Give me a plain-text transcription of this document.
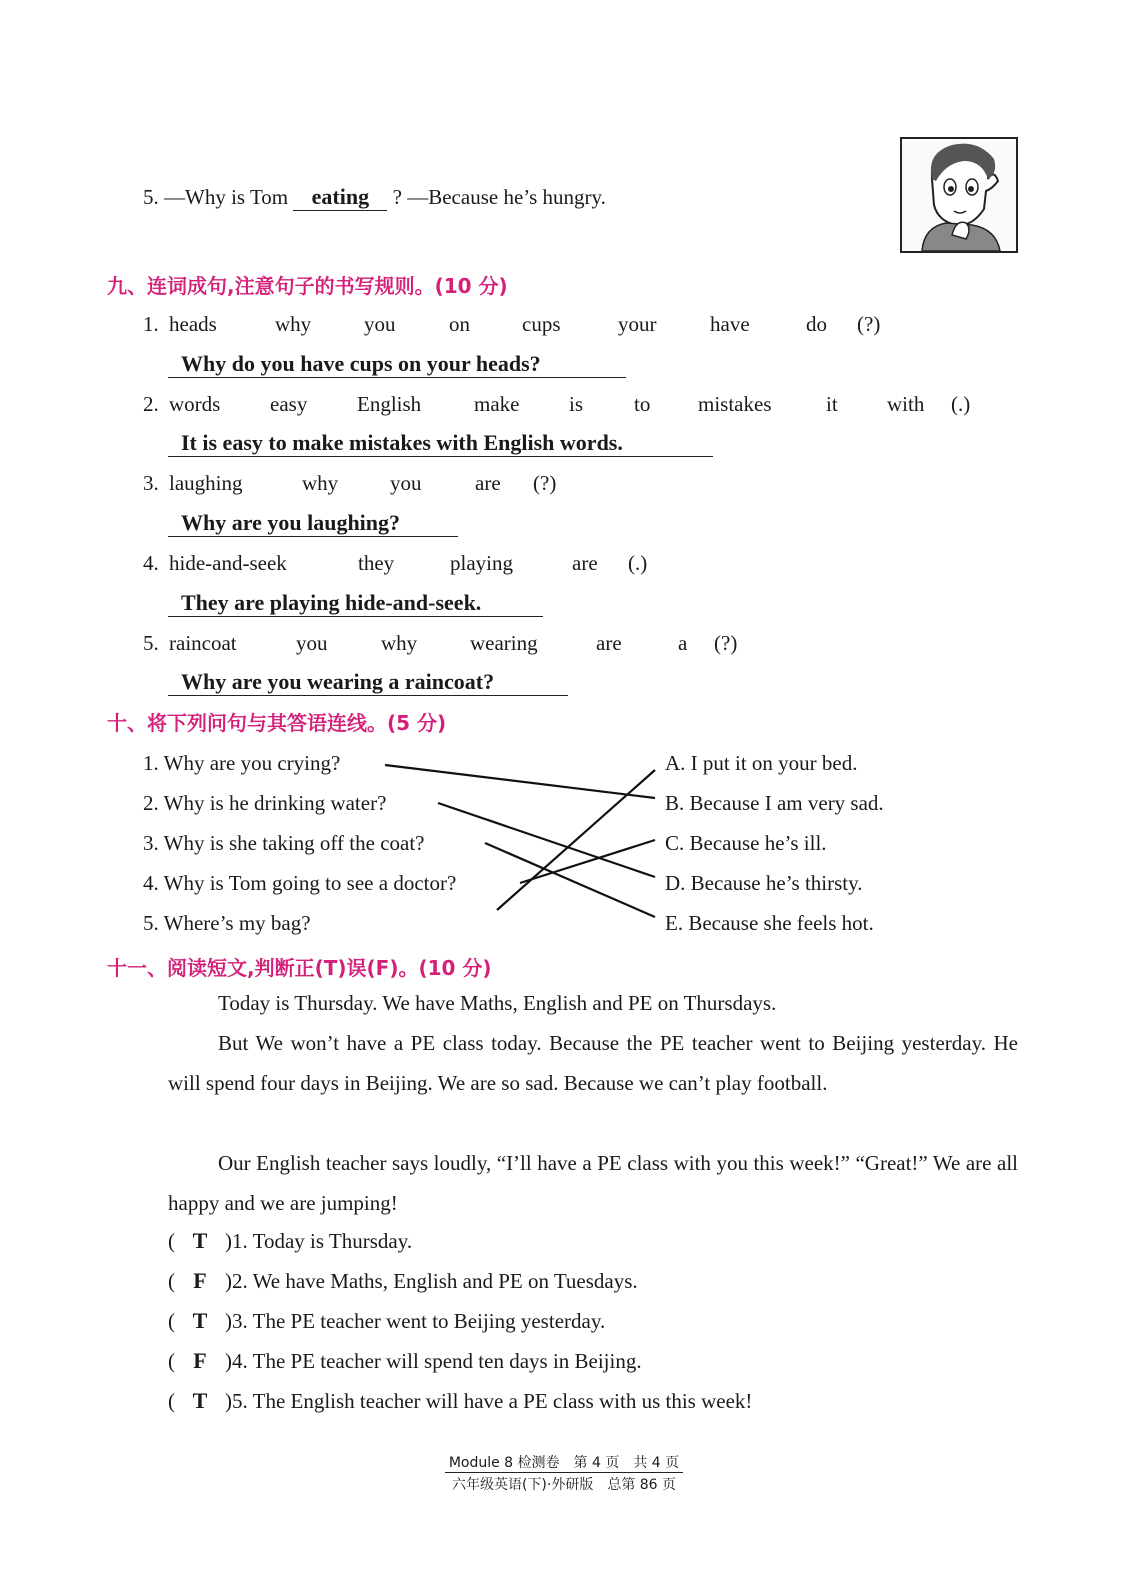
5. —Why is Tom eating ? —Because he’s hungry.
九、连词成句,注意句子的书写规则。(10 分)
1. heads	why	you	on cups	your	have	do (?)
Why do you have cups on your heads?
2. words easy English	make is to mistakes	it with (.)
It is easy to make mistakes with English words.
3. laughing	why you	are (?)
Why are you laughing?
4. hide-and-seek	they	playing	are (.)
They are playing hide-and-seek.
5. raincoat	you	why	wearing	are	a (?)
Why are you wearing a raincoat?
十、将下列问句与其答语连线。(5 分)
1. Why are you crying?
2. Why is he drinking water?
3. Why is she taking off the coat?
4. Why is Tom going to see a doctor?
5. Where’s my bag?
A. I put it on your bed.
B. Because I am very sad.
C. Because he’s ill.
D. Because he’s thirsty.
E. Because she feels hot.
十一、阅读短文,判断正(T)误(F)。(10 分)
Today is Thursday. We have Maths, English and PE on Thursdays.
But We won’t have a PE class today. Because the PE teacher went to Beijing yesterday. He will spend four days in Beijing. We are so sad. Because we can’t play football.
Our English teacher says loudly, “I’ll have a PE class with you this week!” “Great!” We are all happy and we are jumping!
( T )1. Today is Thursday.
( F )2. We have Maths, English and PE on Tuesdays.
( T )3. The PE teacher went to Beijing yesterday.
( F )4. The PE teacher will spend ten days in Beijing.
( T )5. The English teacher will have a PE class with us this week!
Module 8 检测卷　第 4 页　共 4 页
六年级英语(下)·外研版　总第 86 页
